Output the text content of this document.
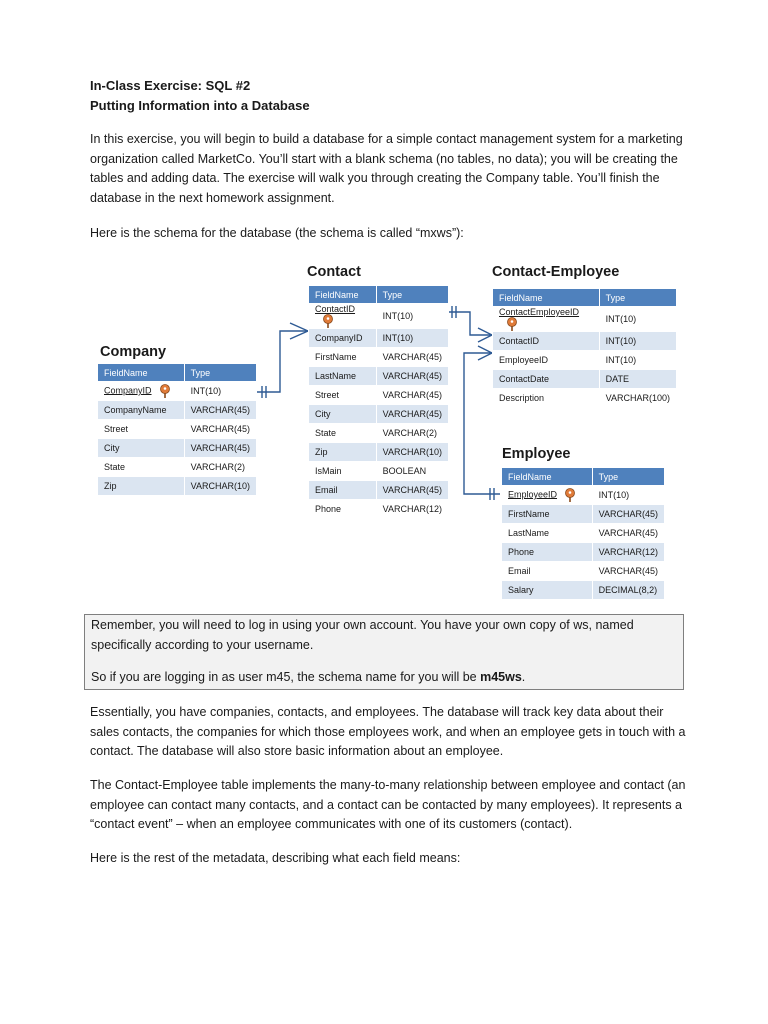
In-Class Exercise: SQL #2

Putting Information into a Database

In this exercise, you will begin to build a database for a simple contact management system for a marketing organization called MarketCo. You’ll start with a blank schema (no tables, no data); you will be creating the tables and adding data. The exercise will walk you through creating the Company table. You’ll finish the database in the next homework assignment.

Here is the schema for the database (the schema is called “mxws”):

Company

FieldName	Type
CompanyID	INT(10)
CompanyName	VARCHAR(45)
Street	VARCHAR(45)
City	VARCHAR(45)
State	VARCHAR(2)
Zip	VARCHAR(10)

Contact

FieldName	Type
ContactID	INT(10)
CompanyID	INT(10)
FirstName	VARCHAR(45)
LastName	VARCHAR(45)
Street	VARCHAR(45)
City	VARCHAR(45)
State	VARCHAR(2)
Zip	VARCHAR(10)
IsMain	BOOLEAN
Email	VARCHAR(45)
Phone	VARCHAR(12)

Contact-Employee

FieldName	Type
ContactEmployeeID	INT(10)
ContactID	INT(10)
EmployeeID	INT(10)
ContactDate	DATE
Description	VARCHAR(100)

Employee

FieldName	Type
EmployeeID	INT(10)
FirstName	VARCHAR(45)
LastName	VARCHAR(45)
Phone	VARCHAR(12)
Email	VARCHAR(45)
Salary	DECIMAL(8,2)

Remember, you will need to log in using your own account. You have your own copy of ws, named specifically according to your username.

So if you are logging in as user m45, the schema name for you will be m45ws.

Essentially, you have companies, contacts, and employees. The database will track key data about their sales contacts, the companies for which those employees work, and when an employee gets in touch with a contact. The database will also store basic information about an employee.

The Contact-Employee table implements the many-to-many relationship between employee and contact (an employee can contact many contacts, and a contact can be contacted by many employees). It represents a “contact event” – when an employee communicates with one of its customers (contact).

Here is the rest of the metadata, describing what each field means:
